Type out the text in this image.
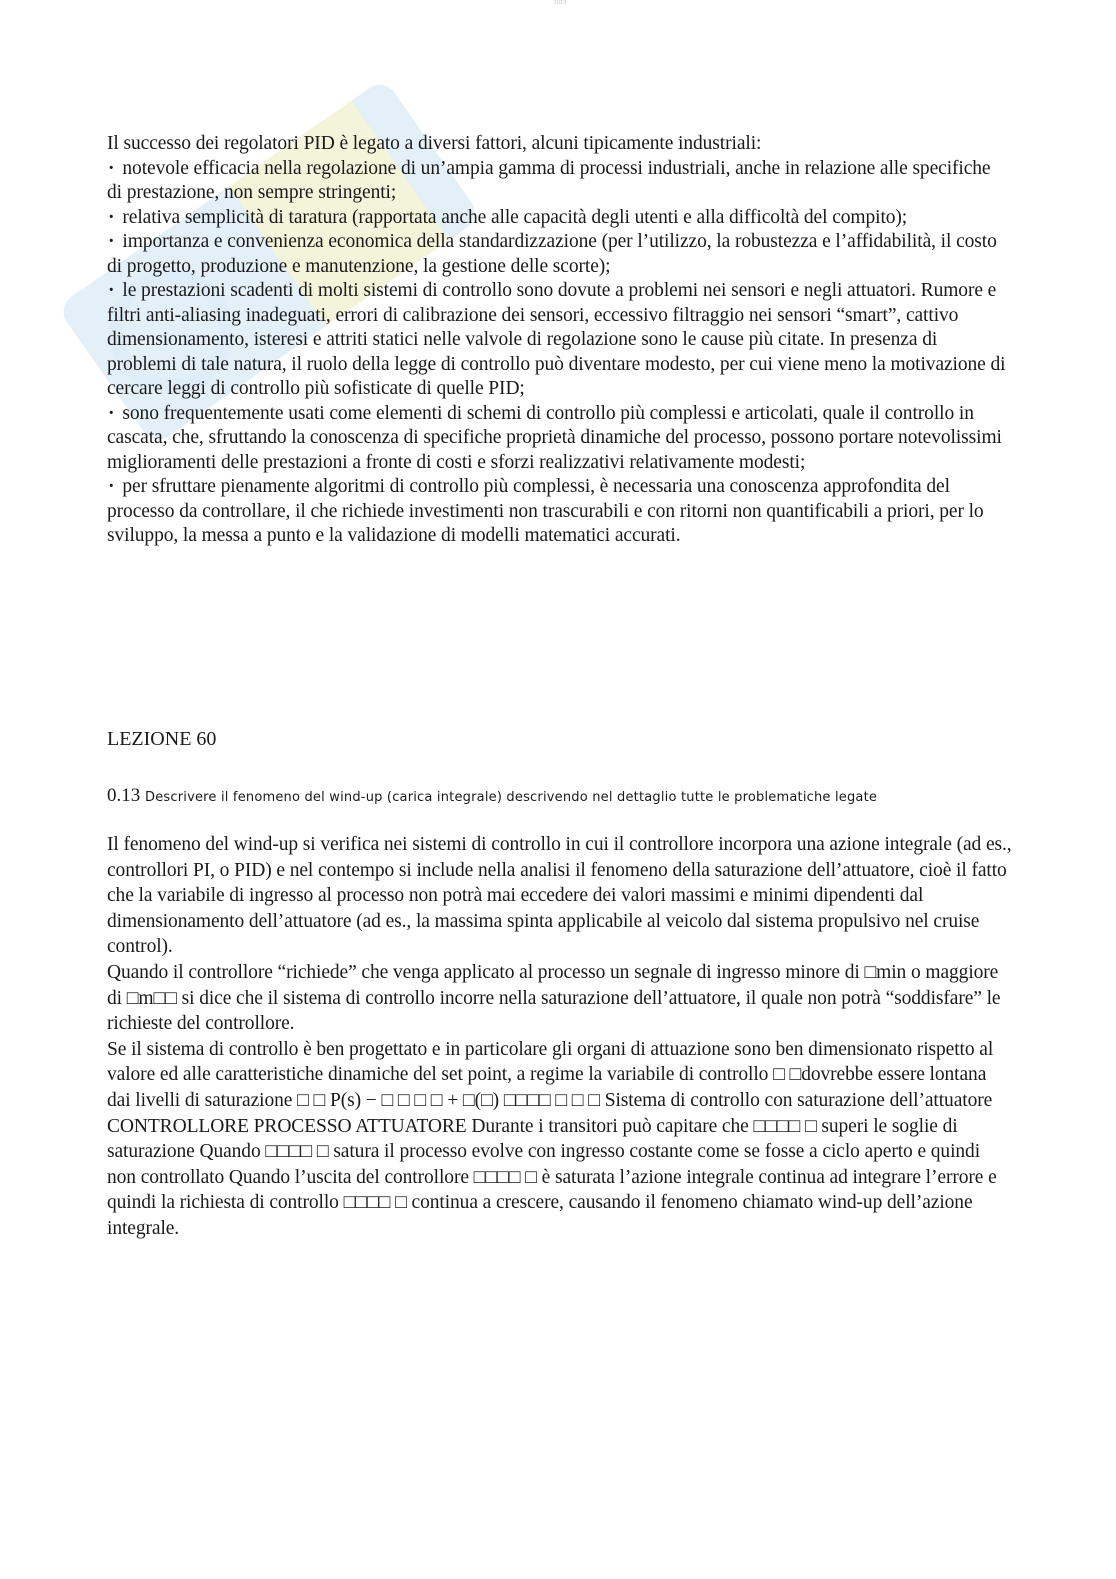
2013

Il successo dei regolatori PID è legato a diversi fattori, alcuni tipicamente industriali:

· notevole efficacia nella regolazione di un’ampia gamma di processi industriali, anche in relazione alle specifiche di prestazione, non sempre stringenti;

· relativa semplicità di taratura (rapportata anche alle capacità degli utenti e alla difficoltà del compito);

· importanza e convenienza economica della standardizzazione (per l’utilizzo, la robustezza e l’affidabilità, il costo di progetto, produzione e manutenzione, la gestione delle scorte);

· le prestazioni scadenti di molti sistemi di controllo sono dovute a problemi nei sensori e negli attuatori. Rumore e filtri anti-aliasing inadeguati, errori di calibrazione dei sensori, eccessivo filtraggio nei sensori “smart”, cattivo dimensionamento, isteresi e attriti statici nelle valvole di regolazione sono le cause più citate. In presenza di problemi di tale natura, il ruolo della legge di controllo può diventare modesto, per cui viene meno la motivazione di cercare leggi di controllo più sofisticate di quelle PID;

· sono frequentemente usati come elementi di schemi di controllo più complessi e articolati, quale il controllo in cascata, che, sfruttando la conoscenza di specifiche proprietà dinamiche del processo, possono portare notevolissimi miglioramenti delle prestazioni a fronte di costi e sforzi realizzativi relativamente modesti;

· per sfruttare pienamente algoritmi di controllo più complessi, è necessaria una conoscenza approfondita del processo da controllare, il che richiede investimenti non trascurabili e con ritorni non quantificabili a priori, per lo sviluppo, la messa a punto e la validazione di modelli matematici accurati.

LEZIONE 60
0.13 Descrivere il fenomeno del wind-up (carica integrale) descrivendo nel dettaglio tutte le problematiche legate

Il fenomeno del wind-up si verifica nei sistemi di controllo in cui il controllore incorpora una azione integrale (ad es., controllori PI, o PID) e nel contempo si include nella analisi il fenomeno della saturazione dell’attuatore, cioè il fatto che la variabile di ingresso al processo non potrà mai eccedere dei valori massimi e minimi dipendenti dal dimensionamento dell’attuatore (ad es., la massima spinta applicabile al veicolo dal sistema propulsivo nel cruise control).

Quando il controllore “richiede” che venga applicato al processo un segnale di ingresso minore di □min o maggiore di □m□□ si dice che il sistema di controllo incorre nella saturazione dell’attuatore, il quale non potrà “soddisfare” le richieste del controllore.

Se il sistema di controllo è ben progettato e in particolare gli organi di attuazione sono ben dimensionato rispetto al valore ed alle caratteristiche dinamiche del set point, a regime la variabile di controllo □ □dovrebbe essere lontana dai livelli di saturazione □ □ P(s) − □ □ □ □ + □(□) □□□□ □ □ □ Sistema di controllo con saturazione dell’attuatore CONTROLLORE PROCESSO ATTUATORE Durante i transitori può capitare che □□□□ □ superi le soglie di saturazione Quando □□□□ □ satura il processo evolve con ingresso costante come se fosse a ciclo aperto e quindi non controllato Quando l’uscita del controllore □□□□ □ è saturata l’azione integrale continua ad integrare l’errore e quindi la richiesta di controllo □□□□ □ continua a crescere, causando il fenomeno chiamato wind-up dell’azione integrale.
